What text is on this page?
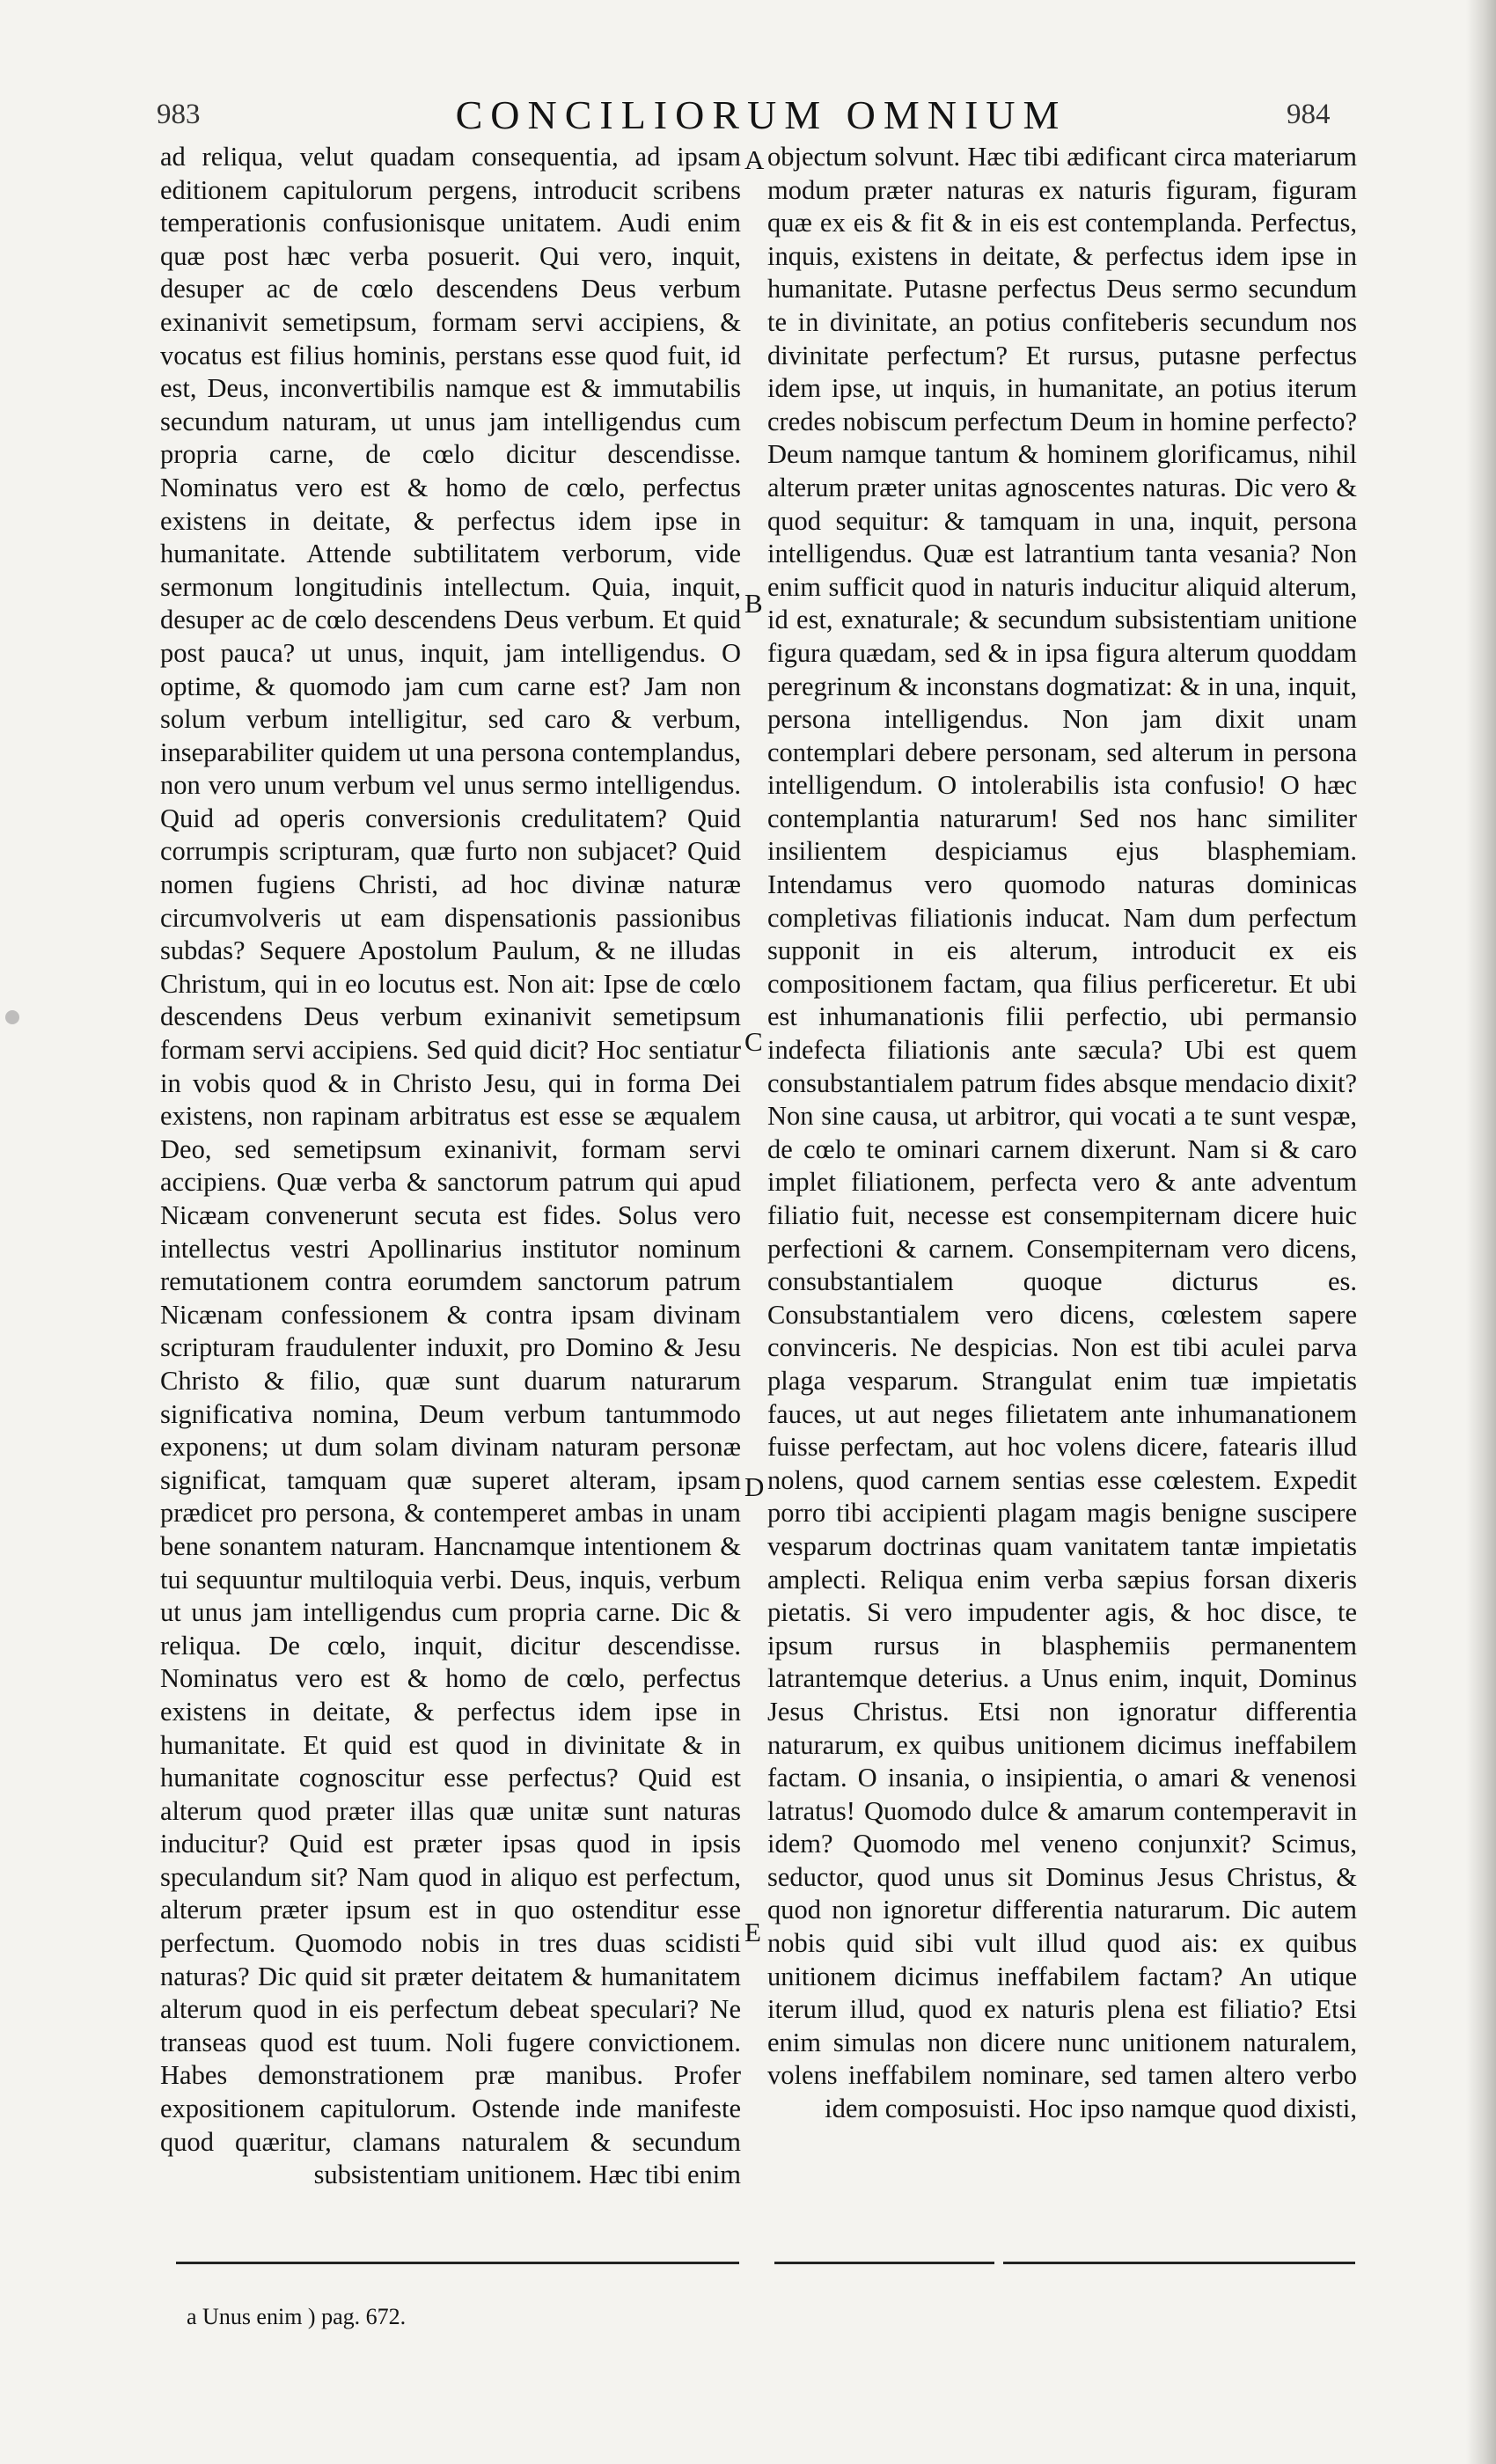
983	CONCILIORUM OMNIUM	984

ad reliqua, velut quadam consequentia, ad ipsam editionem capitulorum pergens, introducit scribens temperationis confusionisque unitatem. Audi enim quæ post hæc verba posuerit. Qui vero, inquit, desuper ac de cœlo descendens Deus verbum exinanivit semetipsum, formam servi accipiens, & vocatus est filius hominis, perstans esse quod fuit, id est, Deus, inconvertibilis namque est & immutabilis secundum naturam, ut unus jam intelligendus cum propria carne, de cœlo dicitur descendisse. Nominatus vero est & homo de cœlo, perfectus existens in deitate, & perfectus idem ipse in humanitate. Attende subtilitatem verborum, vide sermonum longitudinis intellectum. Quia, inquit, desuper ac de cœlo descendens Deus verbum. Et quid post pauca? ut unus, inquit, jam intelligendus. O optime, & quomodo jam cum carne est? Jam non solum verbum intelligitur, sed caro & verbum, inseparabiliter quidem ut una persona contemplandus, non vero unum verbum vel unus sermo intelligendus. Quid ad operis conversionis credulitatem? Quid corrumpis scripturam, quæ furto non subjacet? Quid nomen fugiens Christi, ad hoc divinæ naturæ circumvolveris ut eam dispensationis passionibus subdas? Sequere Apostolum Paulum, & ne illudas Christum, qui in eo locutus est. Non ait: Ipse de cœlo descendens Deus verbum exinanivit semetipsum formam servi accipiens. Sed quid dicit? Hoc sentiatur in vobis quod & in Christo Jesu, qui in forma Dei existens, non rapinam arbitratus est esse se æqualem Deo, sed semetipsum exinanivit, formam servi accipiens. Quæ verba & sanctorum patrum qui apud Nicæam convenerunt secuta est fides. Solus vero intellectus vestri Apollinarius institutor nominum remutationem contra eorumdem sanctorum patrum Nicænam confessionem & contra ipsam divinam scripturam fraudulenter induxit, pro Domino & Jesu Christo & filio, quæ sunt duarum naturarum significativa nomina, Deum verbum tantummodo exponens; ut dum solam divinam naturam personæ significat, tamquam quæ superet alteram, ipsam prædicet pro persona, & contemperet ambas in unam bene sonantem naturam. Hancnamque intentionem & tui sequuntur multiloquia verbi. Deus, inquis, verbum ut unus jam intelligendus cum propria carne. Dic & reliqua. De cœlo, inquit, dicitur descendisse. Nominatus vero est & homo de cœlo, perfectus existens in deitate, & perfectus idem ipse in humanitate. Et quid est quod in divinitate & in humanitate cognoscitur esse perfectus? Quid est alterum quod præter illas quæ unitæ sunt naturas inducitur? Quid est præter ipsas quod in ipsis speculandum sit? Nam quod in aliquo est perfectum, alterum præter ipsum est in quo ostenditur esse perfectum. Quomodo nobis in tres duas scidisti naturas? Dic quid sit præter deitatem & humanitatem alterum quod in eis perfectum debeat speculari? Ne transeas quod est tuum. Noli fugere convictionem. Habes demonstrationem præ manibus. Profer expositionem capitulorum. Ostende inde manifeste quod quæritur, clamans naturalem & secundum subsistentiam unitionem. Hæc tibi enim

objectum solvunt. Hæc tibi ædificant circa materiarum modum præter naturas ex naturis figuram, figuram quæ ex eis & fit & in eis est contemplanda. Perfectus, inquis, existens in deitate, & perfectus idem ipse in humanitate. Putasne perfectus Deus sermo secundum te in divinitate, an potius confiteberis secundum nos divinitate perfectum? Et rursus, putasne perfectus idem ipse, ut inquis, in humanitate, an potius iterum credes nobiscum perfectum Deum in homine perfecto? Deum namque tantum & hominem glorificamus, nihil alterum præter unitas agnoscentes naturas. Dic vero & quod sequitur: & tamquam in una, inquit, persona intelligendus. Quæ est latrantium tanta vesania? Non enim sufficit quod in naturis inducitur aliquid alterum, id est, exnaturale; & secundum subsistentiam unitione figura quædam, sed & in ipsa figura alterum quoddam peregrinum & inconstans dogmatizat: & in una, inquit, persona intelligendus. Non jam dixit unam contemplari debere personam, sed alterum in persona intelligendum. O intolerabilis ista confusio! O hæc contemplantia naturarum! Sed nos hanc similiter insilientem despiciamus ejus blasphemiam. Intendamus vero quomodo naturas dominicas completivas filiationis inducat. Nam dum perfectum supponit in eis alterum, introducit ex eis compositionem factam, qua filius perficeretur. Et ubi est inhumanationis filii perfectio, ubi permansio indefecta filiationis ante sæcula? Ubi est quem consubstantialem patrum fides absque mendacio dixit? Non sine causa, ut arbitror, qui vocati a te sunt vespæ, de cœlo te ominari carnem dixerunt. Nam si & caro implet filiationem, perfecta vero & ante adventum filiatio fuit, necesse est consempiternam dicere huic perfectioni & carnem. Consempiternam vero dicens, consubstantialem quoque dicturus es. Consubstantialem vero dicens, cœlestem sapere convinceris. Ne despicias. Non est tibi aculei parva plaga vesparum. Strangulat enim tuæ impietatis fauces, ut aut neges filietatem ante inhumanationem fuisse perfectam, aut hoc volens dicere, fatearis illud nolens, quod carnem sentias esse cœlestem. Expedit porro tibi accipienti plagam magis benigne suscipere vesparum doctrinas quam vanitatem tantæ impietatis amplecti. Reliqua enim verba sæpius forsan dixeris pietatis. Si vero impudenter agis, & hoc disce, te ipsum rursus in blasphemiis permanentem latrantemque deterius. a Unus enim, inquit, Dominus Jesus Christus. Etsi non ignoratur differentia naturarum, ex quibus unitionem dicimus ineffabilem factam. O insania, o insipientia, o amari & venenosi latratus! Quomodo dulce & amarum contemperavit in idem? Quomodo mel veneno conjunxit? Scimus, seductor, quod unus sit Dominus Jesus Christus, & quod non ignoretur differentia naturarum. Dic autem nobis quid sibi vult illud quod ais: ex quibus unitionem dicimus ineffabilem factam? An utique iterum illud, quod ex naturis plena est filiatio? Etsi enim simulas non dicere nunc unitionem naturalem, volens ineffabilem nominare, sed tamen altero verbo idem composuisti. Hoc ipso namque quod dixisti,

A
B
C
D
E
a Unus enim ) pag. 672.
